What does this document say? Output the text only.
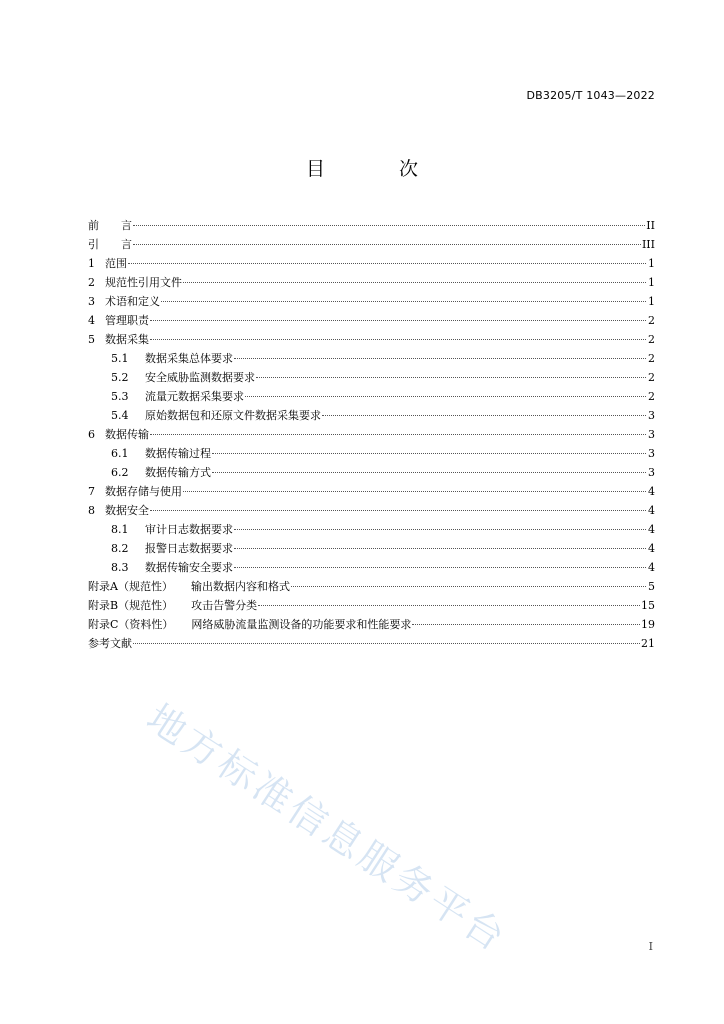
DB3205/T 1043—2022
目 次
前言	II
引言	III
1 范围	1
2 规范性引用文件	1
3 术语和定义	1
4 管理职责	2
5 数据采集	2
5.1 数据采集总体要求	2
5.2 安全威胁监测数据要求	2
5.3 流量元数据采集要求	2
5.4 原始数据包和还原文件数据采集要求	3
6 数据传输	3
6.1 数据传输过程	3
6.2 数据传输方式	3
7 数据存储与使用	4
8 数据安全	4
8.1 审计日志数据要求	4
8.2 报警日志数据要求	4
8.3 数据传输安全要求	4
附录A（规范性） 输出数据内容和格式	5
附录B（规范性） 攻击告警分类	15
附录C（资料性） 网络威胁流量监测设备的功能要求和性能要求	19
参考文献	21
地方标准信息服务平台	I
